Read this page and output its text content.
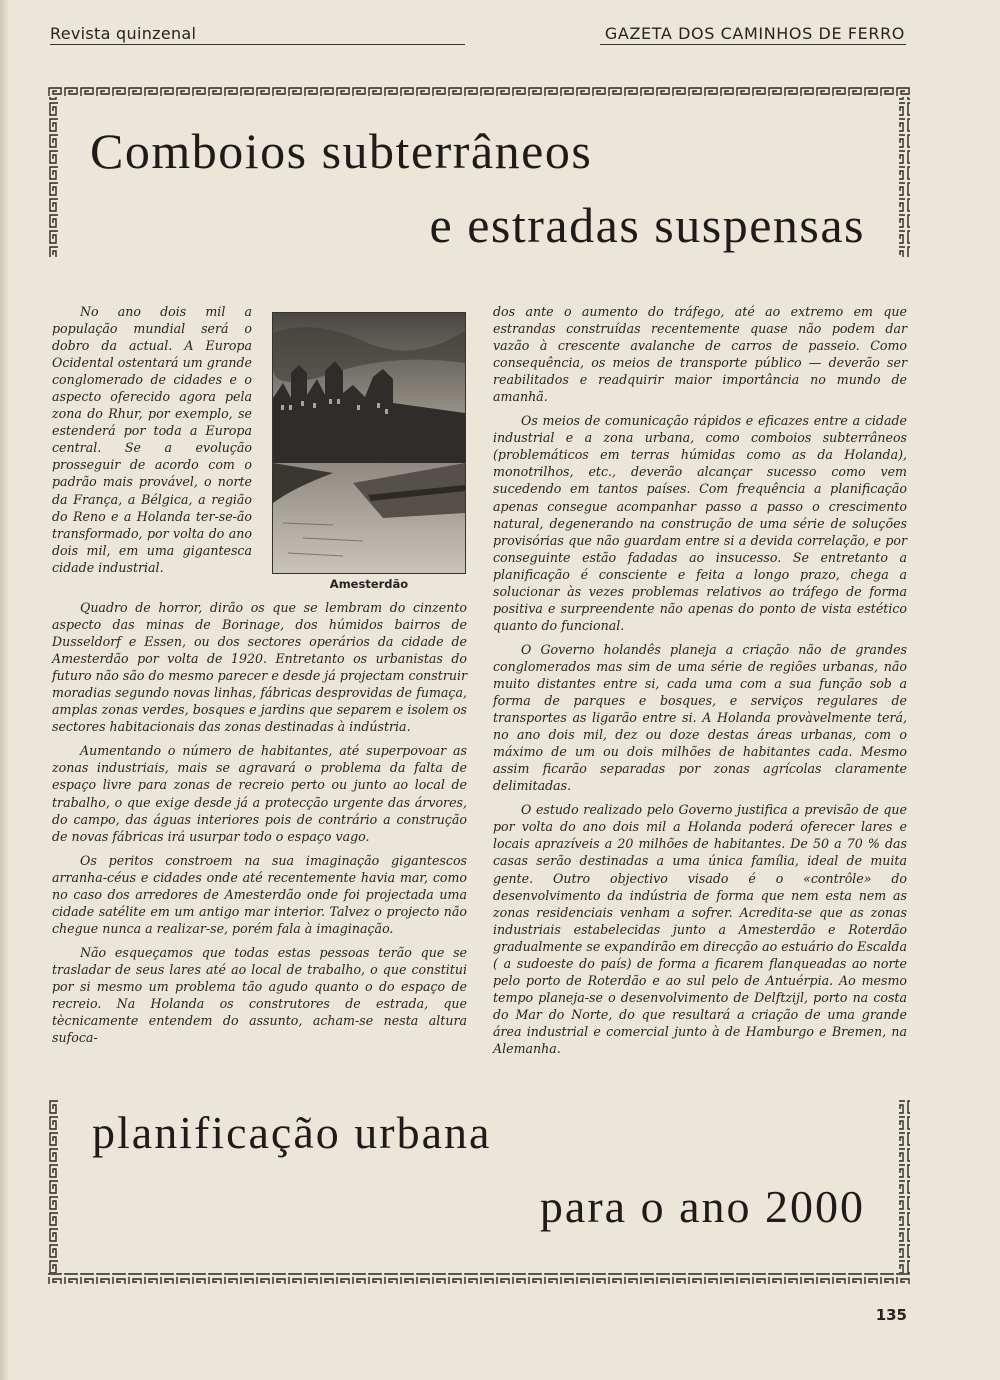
Revista quinzenal	GAZETA DOS CAMINHOS DE FERRO
Comboios subterrâneos
e estradas suspensas
Amesterdão

No ano dois mil a população mundial será o dobro da actual. A Europa Ocidental ostentará um grande conglomerado de cidades e o aspecto oferecido agora pela zona do Rhur, por exemplo, se estenderá por toda a Europa central. Se a evolução prosseguir de acordo com o padrão mais provável, o norte da França, a Bélgica, a região do Reno e a Holanda ter-se-ão transformado, por volta do ano dois mil, em uma gigantesca cidade industrial.

Quadro de horror, dirão os que se lembram do cinzento aspecto das minas de Borinage, dos húmidos bairros de Dusseldorf e Essen, ou dos sectores operários da cidade de Amesterdão por volta de 1920. Entretanto os urbanistas do futuro não são do mesmo parecer e desde já projectam construir moradias segundo novas linhas, fábricas desprovidas de fumaça, amplas zonas verdes, bosques e jardins que separem e isolem os sectores habitacionais das zonas destinadas à indústria.

Aumentando o número de habitantes, até superpovoar as zonas industriais, mais se agravará o problema da falta de espaço livre para zonas de recreio perto ou junto ao local de trabalho, o que exige desde já a protecção urgente das árvores, do campo, das águas interiores pois de contrário a construção de novas fábricas irá usurpar todo o espaço vago.

Os peritos constroem na sua imaginação gigantescos arranha-céus e cidades onde até recentemente havia mar, como no caso dos arredores de Amesterdão onde foi projectada uma cidade satélite em um antigo mar interior. Talvez o projecto não chegue nunca a realizar-se, porém fala à imaginação.

Não esqueçamos que todas estas pessoas terão que se trasladar de seus lares até ao local de trabalho, o que constitui por si mesmo um problema tão agudo quanto o do espaço de recreio. Na Holanda os construtores de estrada, que tècnicamente entendem do assunto, acham-se nesta altura sufoca-

dos ante o aumento do tráfego, até ao extremo em que estrandas construídas recentemente quase não podem dar vazão à crescente avalanche de carros de passeio. Como consequência, os meios de transporte público — deverão ser reabilitados e readquirir maior importância no mundo de amanhã.

Os meios de comunicação rápidos e eficazes entre a cidade industrial e a zona urbana, como comboios subterrâneos (problemáticos em terras húmidas como as da Holanda), monotrilhos, etc., deverão alcançar sucesso como vem sucedendo em tantos países. Com frequência a planificação apenas consegue acompanhar passo a passo o crescimento natural, degenerando na construção de uma série de soluções provisórias que não guardam entre si a devida correlação, e por conseguinte estão fadadas ao insucesso. Se entretanto a planificação é consciente e feita a longo prazo, chega a solucionar às vezes problemas relativos ao tráfego de forma positiva e surpreendente não apenas do ponto de vista estético quanto do funcional.

O Governo holandês planeja a criação não de grandes conglomerados mas sim de uma série de regiões urbanas, não muito distantes entre si, cada uma com a sua função sob a forma de parques e bosques, e serviços regulares de transportes as ligarão entre si. A Holanda provàvelmente terá, no ano dois mil, dez ou doze destas áreas urbanas, com o máximo de um ou dois milhões de habitantes cada. Mesmo assim ficarão separadas por zonas agrícolas claramente delimitadas.

O estudo realizado pelo Governo justifica a previsão de que por volta do ano dois mil a Holanda poderá oferecer lares e locais aprazíveis a 20 milhões de habitantes. De 50 a 70 % das casas serão destinadas a uma única família, ideal de muita gente. Outro objectivo visado é o «contrôle» do desenvolvimento da indústria de forma que nem esta nem as zonas residenciais venham a sofrer. Acredita-se que as zonas industriais estabelecidas junto a Amesterdão e Roterdão gradualmente se expandirão em direcção ao estuário do Escalda ( a sudoeste do país) de forma a ficarem flanqueadas ao norte pelo porto de Roterdão e ao sul pelo de Antuérpia. Ao mesmo tempo planeja-se o desenvolvimento de Delftzijl, porto na costa do Mar do Norte, do que resultará a criação de uma grande área industrial e comercial junto à de Hamburgo e Bremen, na Alemanha.

planificação urbana
para o ano 2000
135
